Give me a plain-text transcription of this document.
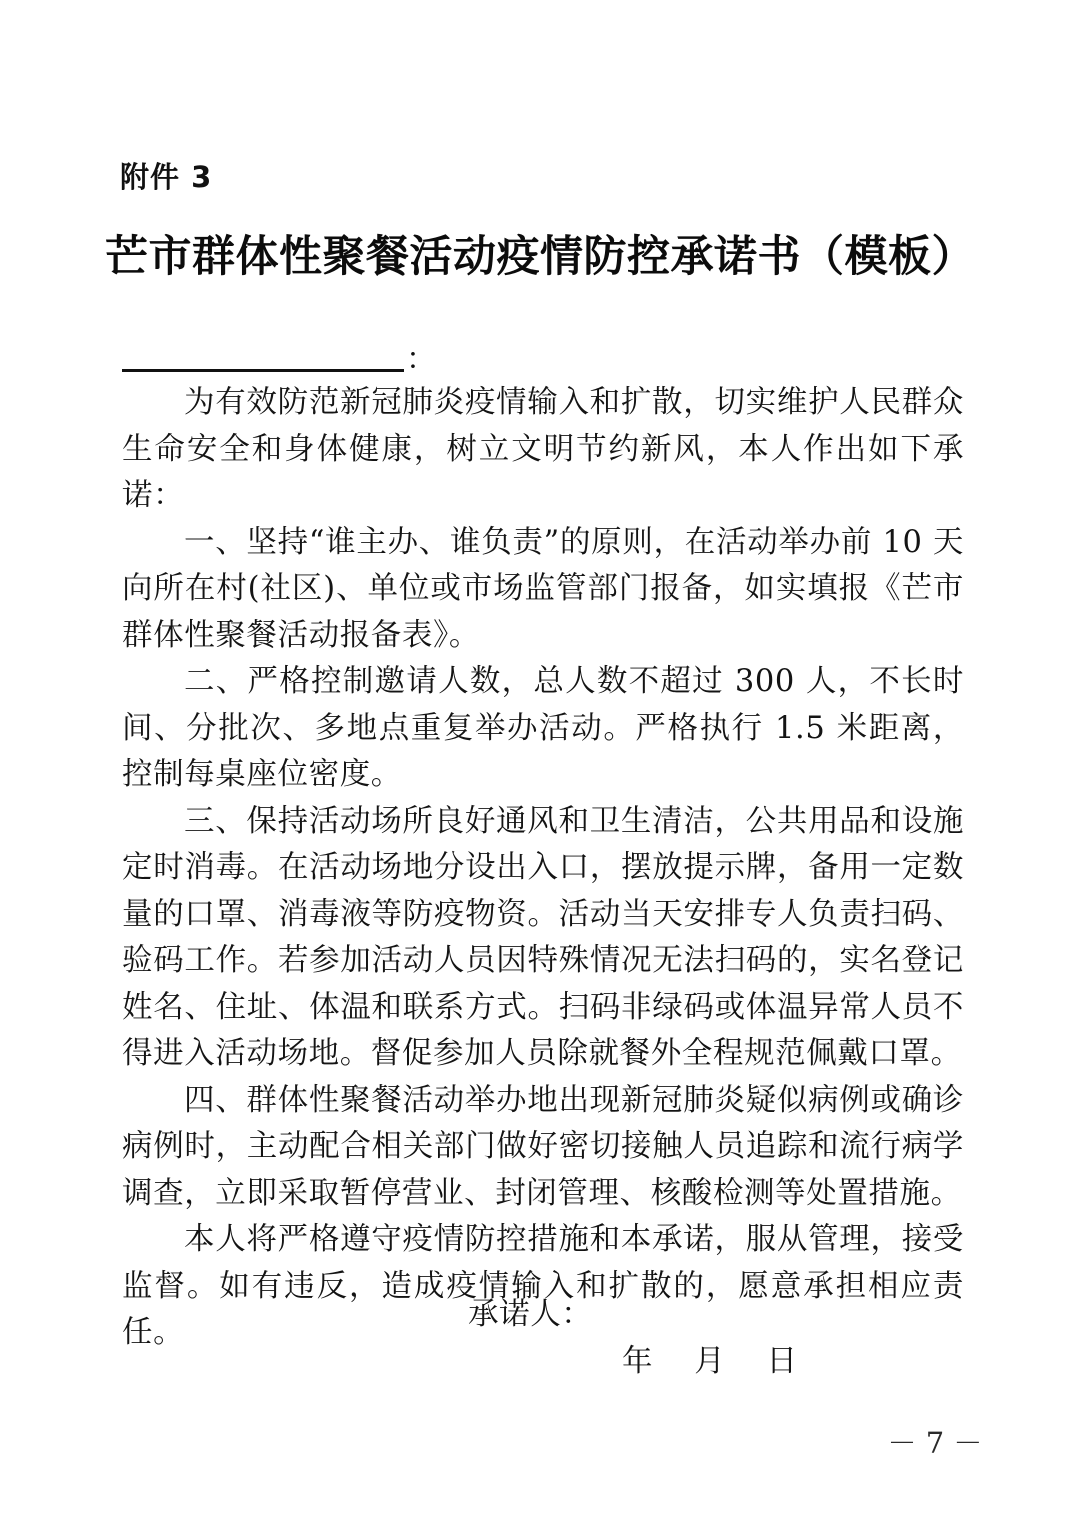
附件 3
芒市群体性聚餐活动疫情防控承诺书（模板）
：

为有效防范新冠肺炎疫情输入和扩散，切实维护人民群众生命安全和身体健康，树立文明节约新风，本人作出如下承诺：

一、坚持“谁主办、谁负责”的原则，在活动举办前 10 天向所在村(社区)、单位或市场监管部门报备，如实填报《芒市群体性聚餐活动报备表》。

二、严格控制邀请人数，总人数不超过 300 人，不长时间、分批次、多地点重复举办活动。严格执行 1.5 米距离，控制每桌座位密度。

三、保持活动场所良好通风和卫生清洁，公共用品和设施定时消毒。在活动场地分设出入口，摆放提示牌，备用一定数量的口罩、消毒液等防疫物资。活动当天安排专人负责扫码、验码工作。若参加活动人员因特殊情况无法扫码的，实名登记姓名、住址、体温和联系方式。扫码非绿码或体温异常人员不得进入活动场地。督促参加人员除就餐外全程规范佩戴口罩。

四、群体性聚餐活动举办地出现新冠肺炎疑似病例或确诊病例时，主动配合相关部门做好密切接触人员追踪和流行病学调查，立即采取暂停营业、封闭管理、核酸检测等处置措施。

本人将严格遵守疫情防控措施和本承诺，服从管理，接受监督。如有违反，造成疫情输入和扩散的，愿意承担相应责任。

承诺人：

年    月    日

－ 7 －
